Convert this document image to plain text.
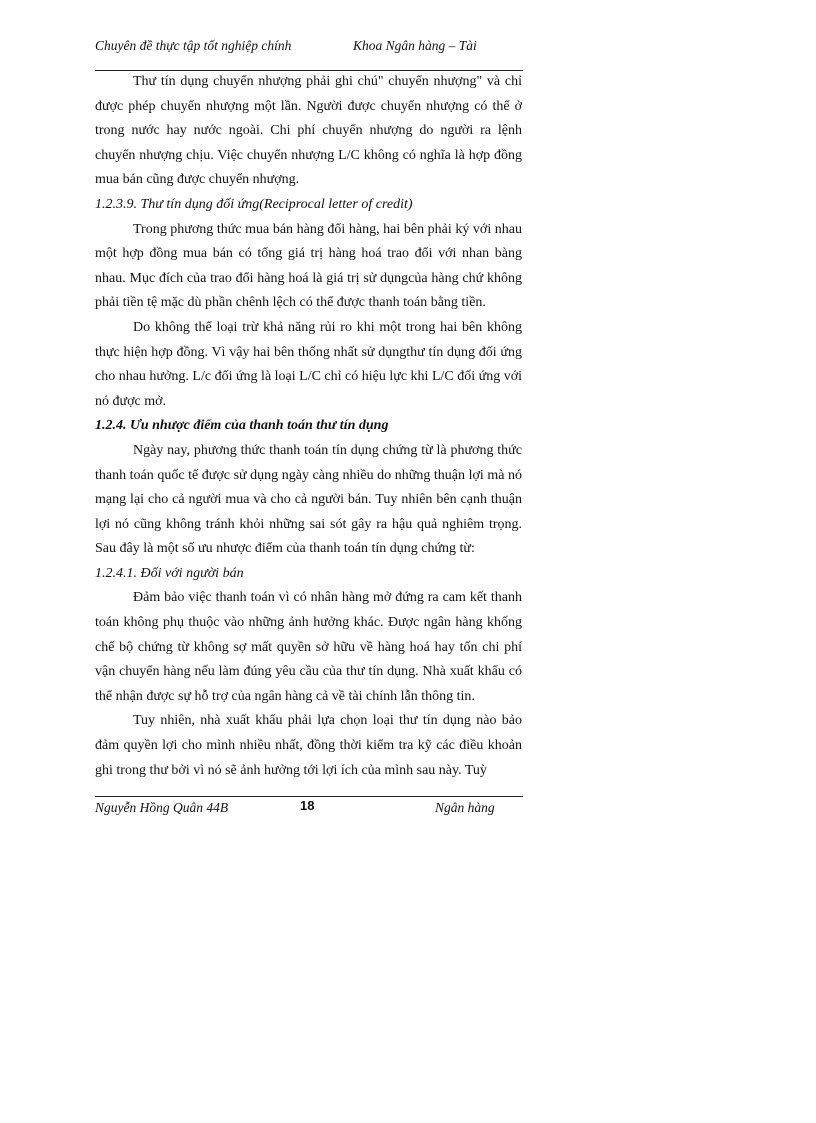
Chuyên đề thực tập tốt nghiệp chính	Khoa Ngân hàng – Tài

Thư tín dụng chuyển nhượng phải ghi chú" chuyển nhượng" và chỉ được phép chuyển nhượng một lần. Người được chuyển nhượng có thể ở trong nước hay nước ngoài. Chi phí chuyển nhượng do người ra lệnh chuyển nhượng chịu. Việc chuyển nhượng L/C không có nghĩa là hợp đồng mua bán cũng được chuyển nhượng.

1.2.3.9. Thư tín dụng đối ứng(Reciprocal letter of credit)

Trong phương thức mua bán hàng đổi hàng, hai bên phải ký với nhau một hợp đồng mua bán có tổng giá trị hàng hoá trao đổi với nhan bàng nhau. Mục đích của trao đổi hàng hoá là giá trị sử dụngcủa hàng chứ không phải tiền tệ mặc dù phần chênh lệch có thể được thanh toán bằng tiền.

Do không thể loại trừ khả năng rủi ro khi một trong hai bên không thực hiện hợp đồng. Vì vậy hai bên thống nhất sử dụngthư tín dụng đối ứng cho nhau hưởng. L/c đối ứng là loại L/C chỉ có hiệu lực khi L/C đối ứng với nó được mở.

1.2.4. Ưu nhược điểm của thanh toán thư tín dụng

Ngày nay, phương thức thanh toán tín dụng chứng từ là phương thức thanh toán quốc tế được sử dụng ngày càng nhiều do những thuận lợi mà nó mạng lại cho cả người mua và cho cả người bán. Tuy nhiên bên cạnh thuận lợi nó cũng không tránh khỏi những sai sót gây ra hậu quả nghiêm trọng. Sau đây là một số ưu nhược điểm của thanh toán tín dụng chứng từ:

1.2.4.1. Đối với người bán

Đảm bảo việc thanh toán vì có nhân hàng mở đứng ra cam kết thanh toán không phụ thuộc vào những ảnh hưởng khác. Được ngân hàng khống chế bộ chứng từ không sợ mất quyền sở hữu về hàng hoá hay tốn chi phí vận chuyển hàng nếu làm đúng yêu cầu của thư tín dụng. Nhà xuất khẩu có thể nhận được sự hỗ trợ của ngân hàng cả về tài chính lẫn thông tin.

Tuy nhiên, nhà xuất khẩu phải lựa chọn loại thư tín dụng nào bảo đảm quyền lợi cho mình nhiều nhất, đồng thời kiểm tra kỹ các điều khoản ghi trong thư bởi vì nó sẽ ảnh hưởng tới lợi ích của mình sau này. Tuỳ

Nguyễn Hồng Quân 44B	18	Ngân hàng
